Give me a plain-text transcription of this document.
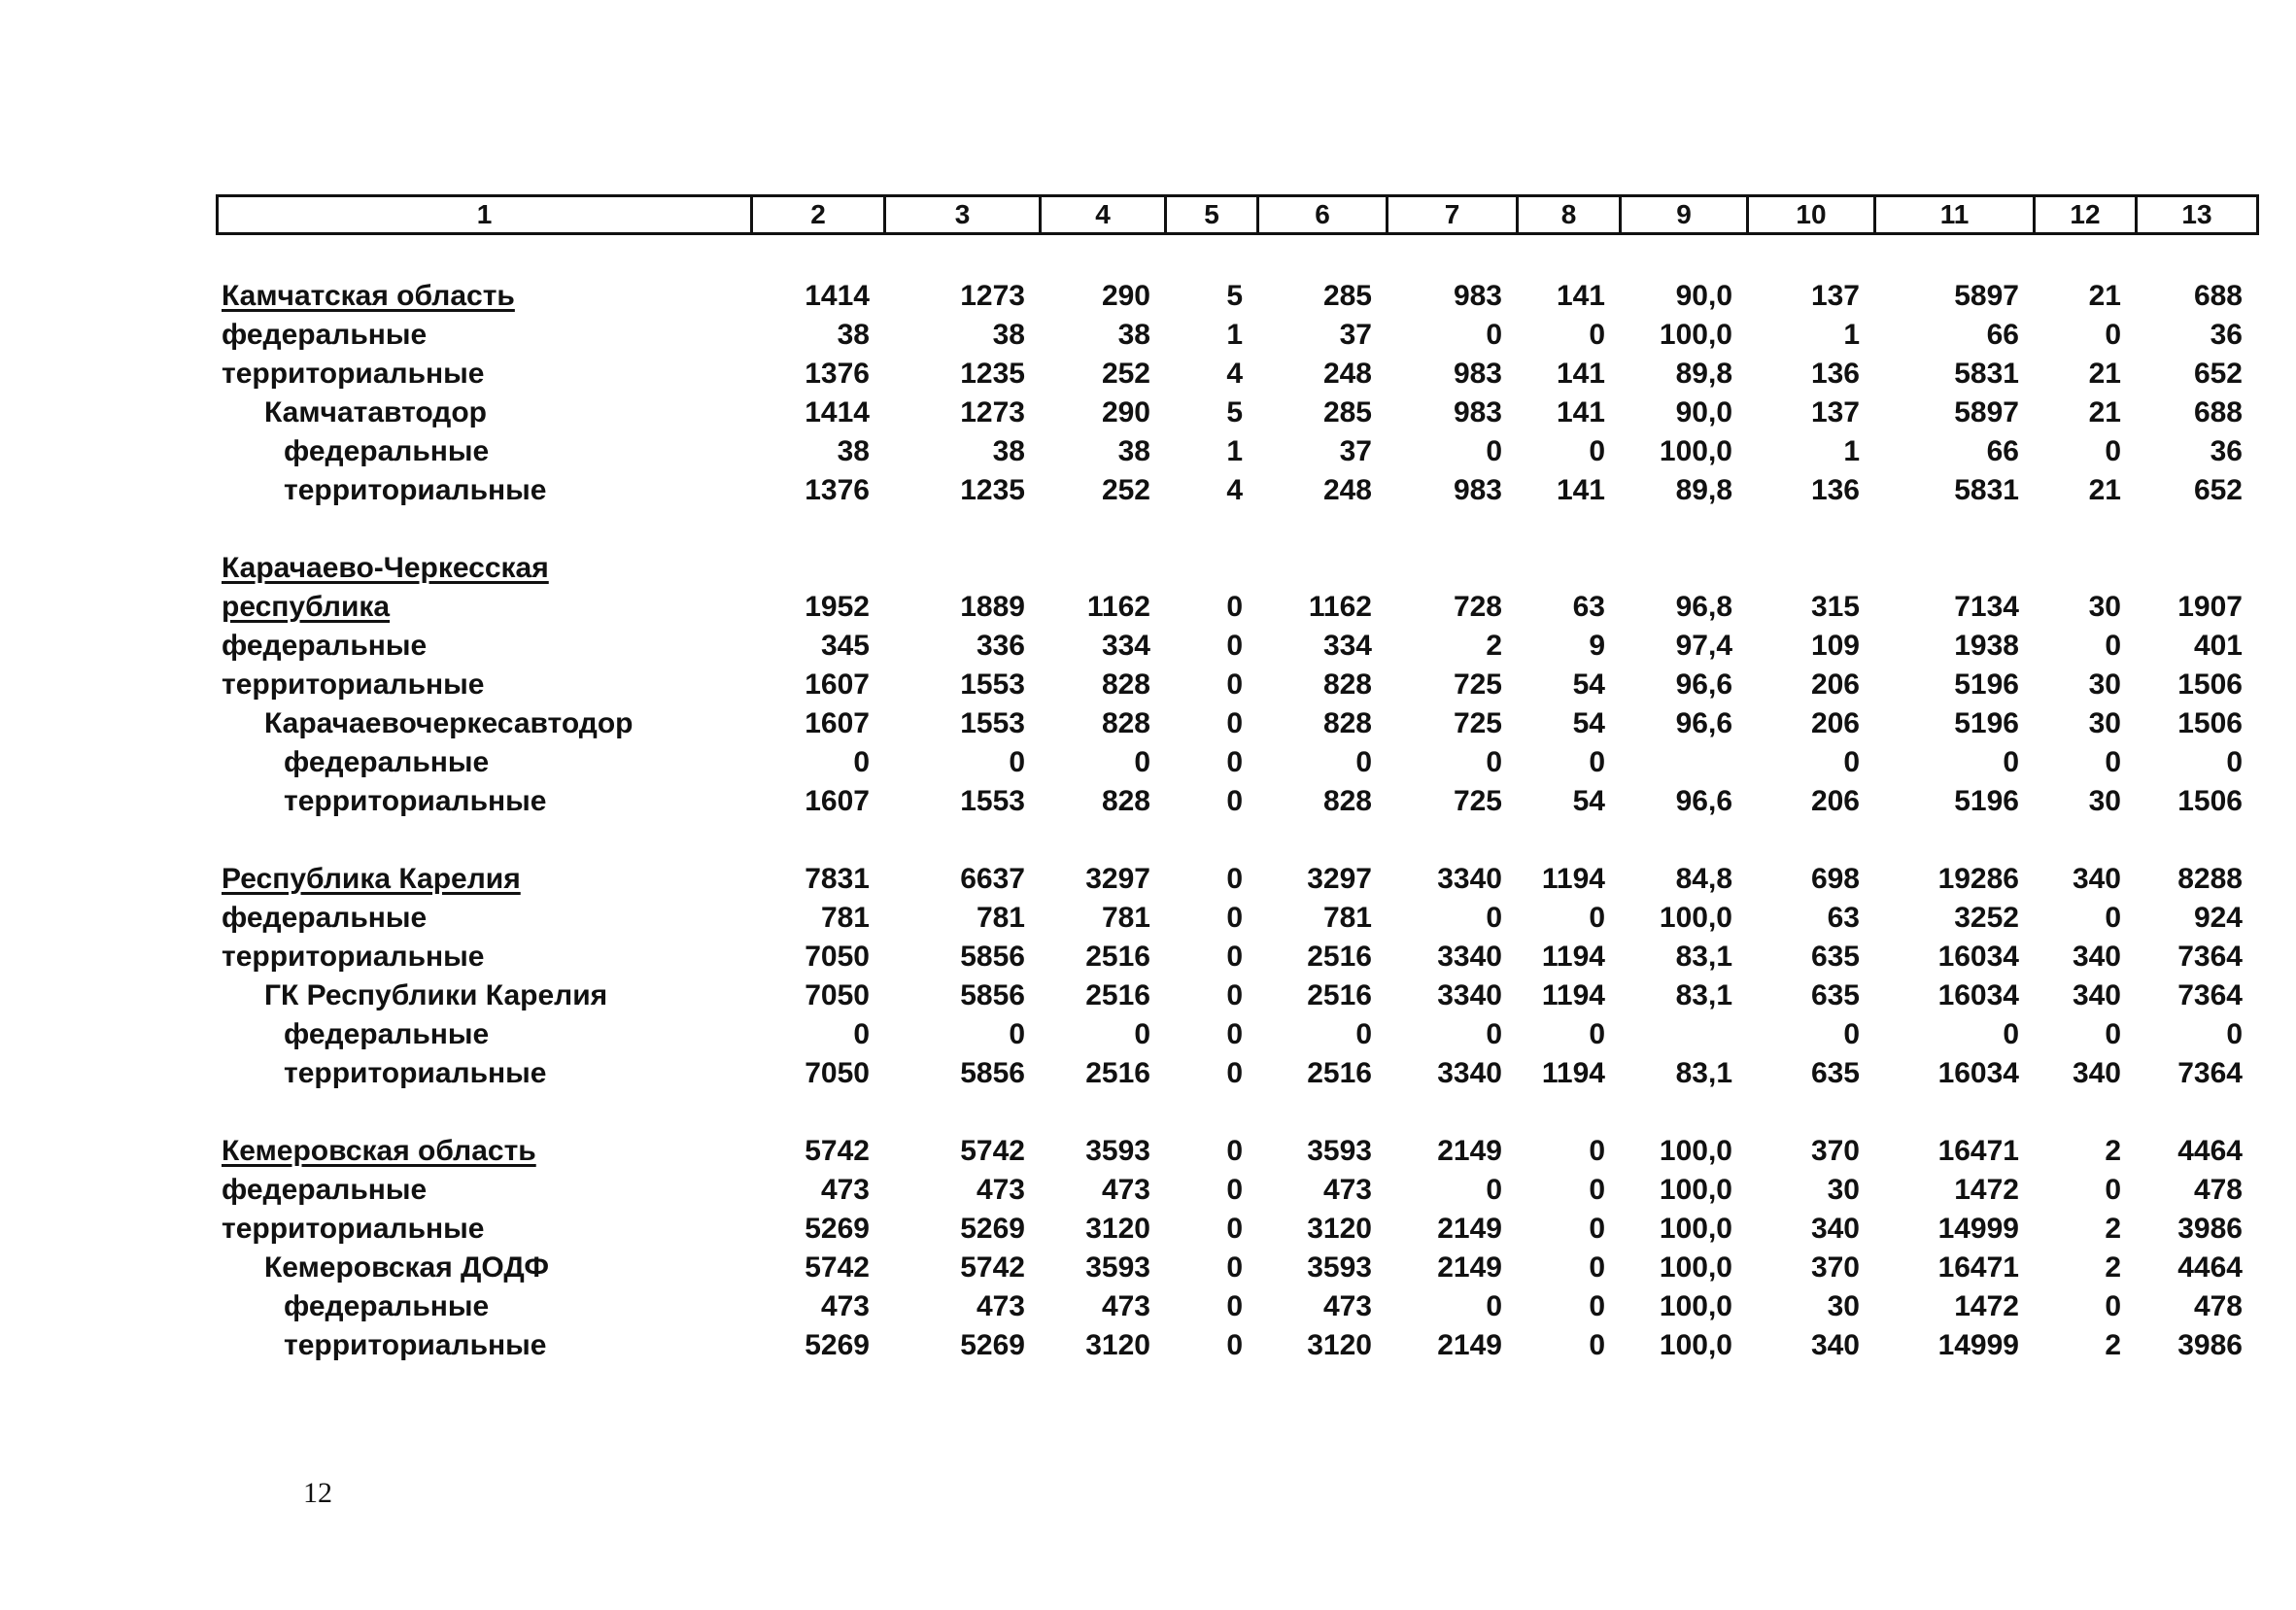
1	2	3	4	5	6	7	8	9	10	11	12	13
Камчатская область	1414	1273	290	5	285	983	141	90,0	137	5897	21	688
федеральные	38	38	38	1	37	0	0	100,0	1	66	0	36
территориальные	1376	1235	252	4	248	983	141	89,8	136	5831	21	652
Камчатавтодор	1414	1273	290	5	285	983	141	90,0	137	5897	21	688
федеральные	38	38	38	1	37	0	0	100,0	1	66	0	36
территориальные	1376	1235	252	4	248	983	141	89,8	136	5831	21	652

Карачаево-Черкесская												
республика	1952	1889	1162	0	1162	728	63	96,8	315	7134	30	1907
федеральные	345	336	334	0	334	2	9	97,4	109	1938	0	401
территориальные	1607	1553	828	0	828	725	54	96,6	206	5196	30	1506
Карачаевочеркесавтодор	1607	1553	828	0	828	725	54	96,6	206	5196	30	1506
федеральные	0	0	0	0	0	0	0		0	0	0	0
территориальные	1607	1553	828	0	828	725	54	96,6	206	5196	30	1506

Республика Карелия	7831	6637	3297	0	3297	3340	1194	84,8	698	19286	340	8288
федеральные	781	781	781	0	781	0	0	100,0	63	3252	0	924
территориальные	7050	5856	2516	0	2516	3340	1194	83,1	635	16034	340	7364
ГК Республики Карелия	7050	5856	2516	0	2516	3340	1194	83,1	635	16034	340	7364
федеральные	0	0	0	0	0	0	0		0	0	0	0
территориальные	7050	5856	2516	0	2516	3340	1194	83,1	635	16034	340	7364

Кемеровская область	5742	5742	3593	0	3593	2149	0	100,0	370	16471	2	4464
федеральные	473	473	473	0	473	0	0	100,0	30	1472	0	478
территориальные	5269	5269	3120	0	3120	2149	0	100,0	340	14999	2	3986
Кемеровская ДОДФ	5742	5742	3593	0	3593	2149	0	100,0	370	16471	2	4464
федеральные	473	473	473	0	473	0	0	100,0	30	1472	0	478
территориальные	5269	5269	3120	0	3120	2149	0	100,0	340	14999	2	3986
12
